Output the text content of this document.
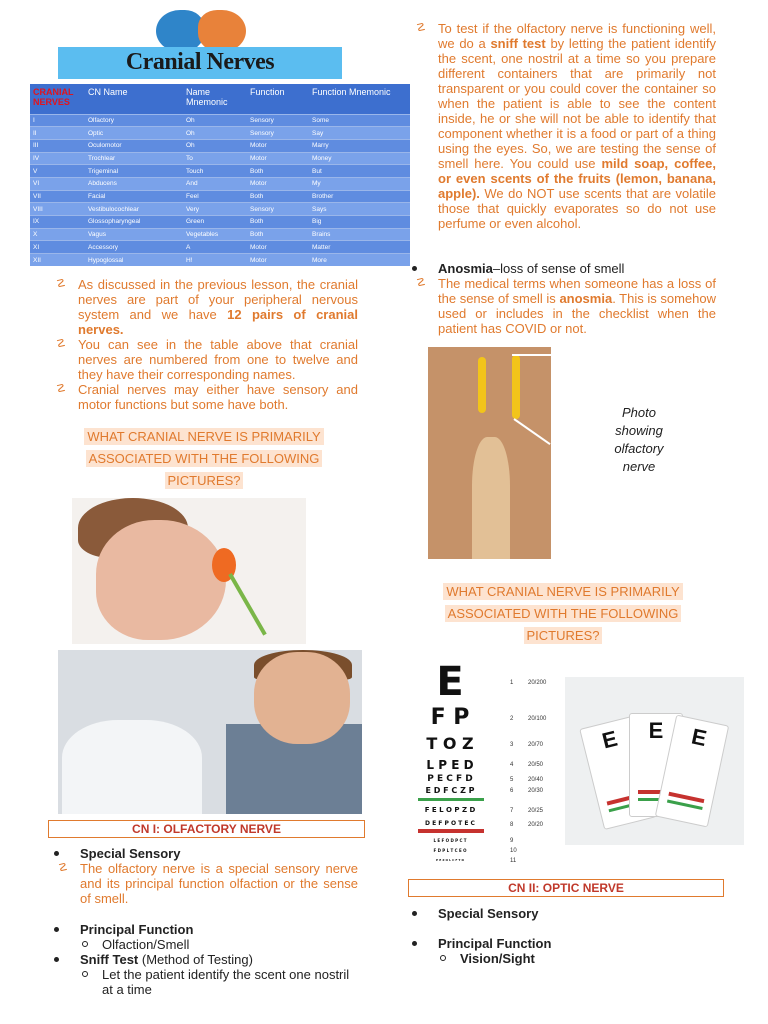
Cranial Nerves
CRANIAL NERVES	CN Name	Name Mnemonic	Function	Function Mnemonic
I	Olfactory	Oh	Sensory	Some
II	Optic	Oh	Sensory	Say
III	Oculomotor	Oh	Motor	Marry
IV	Trochlear	To	Motor	Money
V	Trigeminal	Touch	Both	But
VI	Abducens	And	Motor	My
VII	Facial	Feel	Both	Brother
VIII	Vestibulocochlear	Very	Sensory	Says
IX	Glossopharyngeal	Green	Both	Big
X	Vagus	Vegetables	Both	Brains
XI	Accessory	A	Motor	Matter
XII	Hypoglossal	H!	Motor	More
☡ As discussed in the previous lesson, the cranial nerves are part of your peripheral nervous system and we have 12 pairs of cranial nerves.
☡ You can see in the table above that cranial nerves are numbered from one to twelve and they have their corresponding names.
☡ Cranial nerves may either have sensory and motor functions but some have both.
WHAT CRANIAL NERVE IS PRIMARILY
ASSOCIATED WITH THE FOLLOWING
PICTURES?
CN I: OLFACTORY NERVE
Special Sensory
☡ The olfactory nerve is a special sensory nerve and its principal function olfaction or the sense of smell.
Principal Function
Olfaction/Smell
Sniff Test (Method of Testing)
Let the patient identify the scent one nostril at a time
☡ To test if the olfactory nerve is functioning well, we do a sniff test by letting the patient identify the scent, one nostril at a time so you prepare different containers that are primarily not transparent or you could cover the container so when the patient is able to see the content inside, he or she will not be able to identify that component whether it is a food or part of a thing using the eyes. So, we are testing the sense of smell here. You could use mild soap, coffee, or even scents of the fruits (lemon, banana, apple). We do NOT use scents that are volatile those that quickly evaporates so do not use perfume or even alcohol.
Anosmia–loss of sense of smell
☡ The medical terms when someone has a loss of the sense of smell is anosmia. This is somehow used or includes in the checklist when the patient has COVID or not.
Photo
showing
olfactory
nerve
WHAT CRANIAL NERVE IS PRIMARILY
ASSOCIATED WITH THE FOLLOWING
PICTURES?
E
F P
T O Z
L P E D
P E C F D
E D F C Z P
F E L O P Z D
D E F P O T E C
L E F O D P C T
F D P L T C E O
P E Z O L C F T D
1
2
3
4
5
6
7
8
9
10
11
20/200
20/100
20/70
20/50
20/40
20/30
20/25
20/20
E	E	E
CN II: OPTIC NERVE
Special Sensory
Principal Function
Vision/Sight
